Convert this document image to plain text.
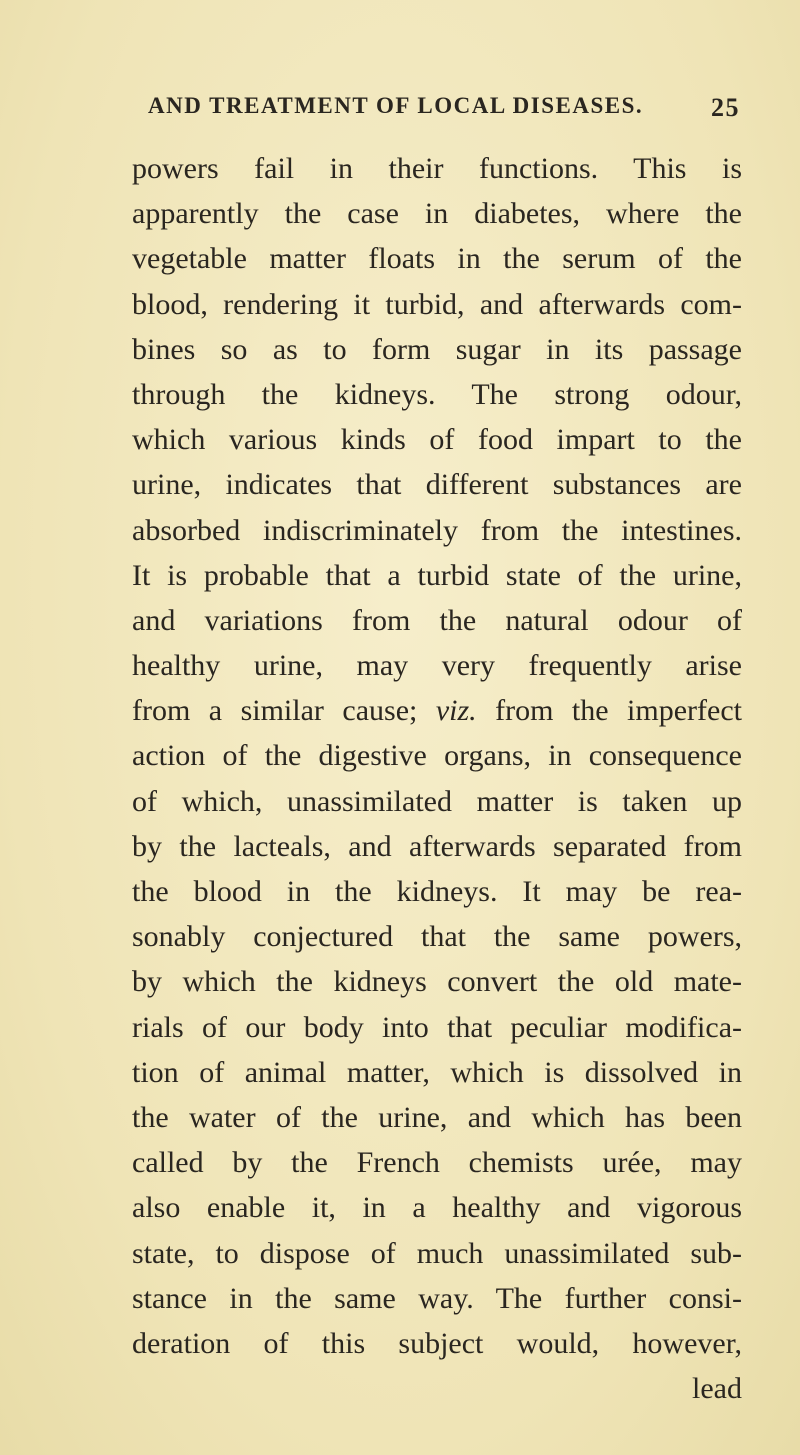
AND TREATMENT OF LOCAL DISEASES.	25
powers fail in their functions. This is
apparently the case in diabetes, where the
vegetable matter floats in the serum of the
blood, rendering it turbid, and afterwards com-
bines so as to form sugar in its passage
through the kidneys. The strong odour,
which various kinds of food impart to the
urine, indicates that different substances are
absorbed indiscriminately from the intestines.
It is probable that a turbid state of the urine,
and variations from the natural odour of
healthy urine, may very frequently arise
from a similar cause; viz. from the imperfect
action of the digestive organs, in consequence
of which, unassimilated matter is taken up
by the lacteals, and afterwards separated from
the blood in the kidneys. It may be rea-
sonably conjectured that the same powers,
by which the kidneys convert the old mate-
rials of our body into that peculiar modifica-
tion of animal matter, which is dissolved in
the water of the urine, and which has been
called by the French chemists urée, may
also enable it, in a healthy and vigorous
state, to dispose of much unassimilated sub-
stance in the same way. The further consi-
deration of this subject would, however,
lead
